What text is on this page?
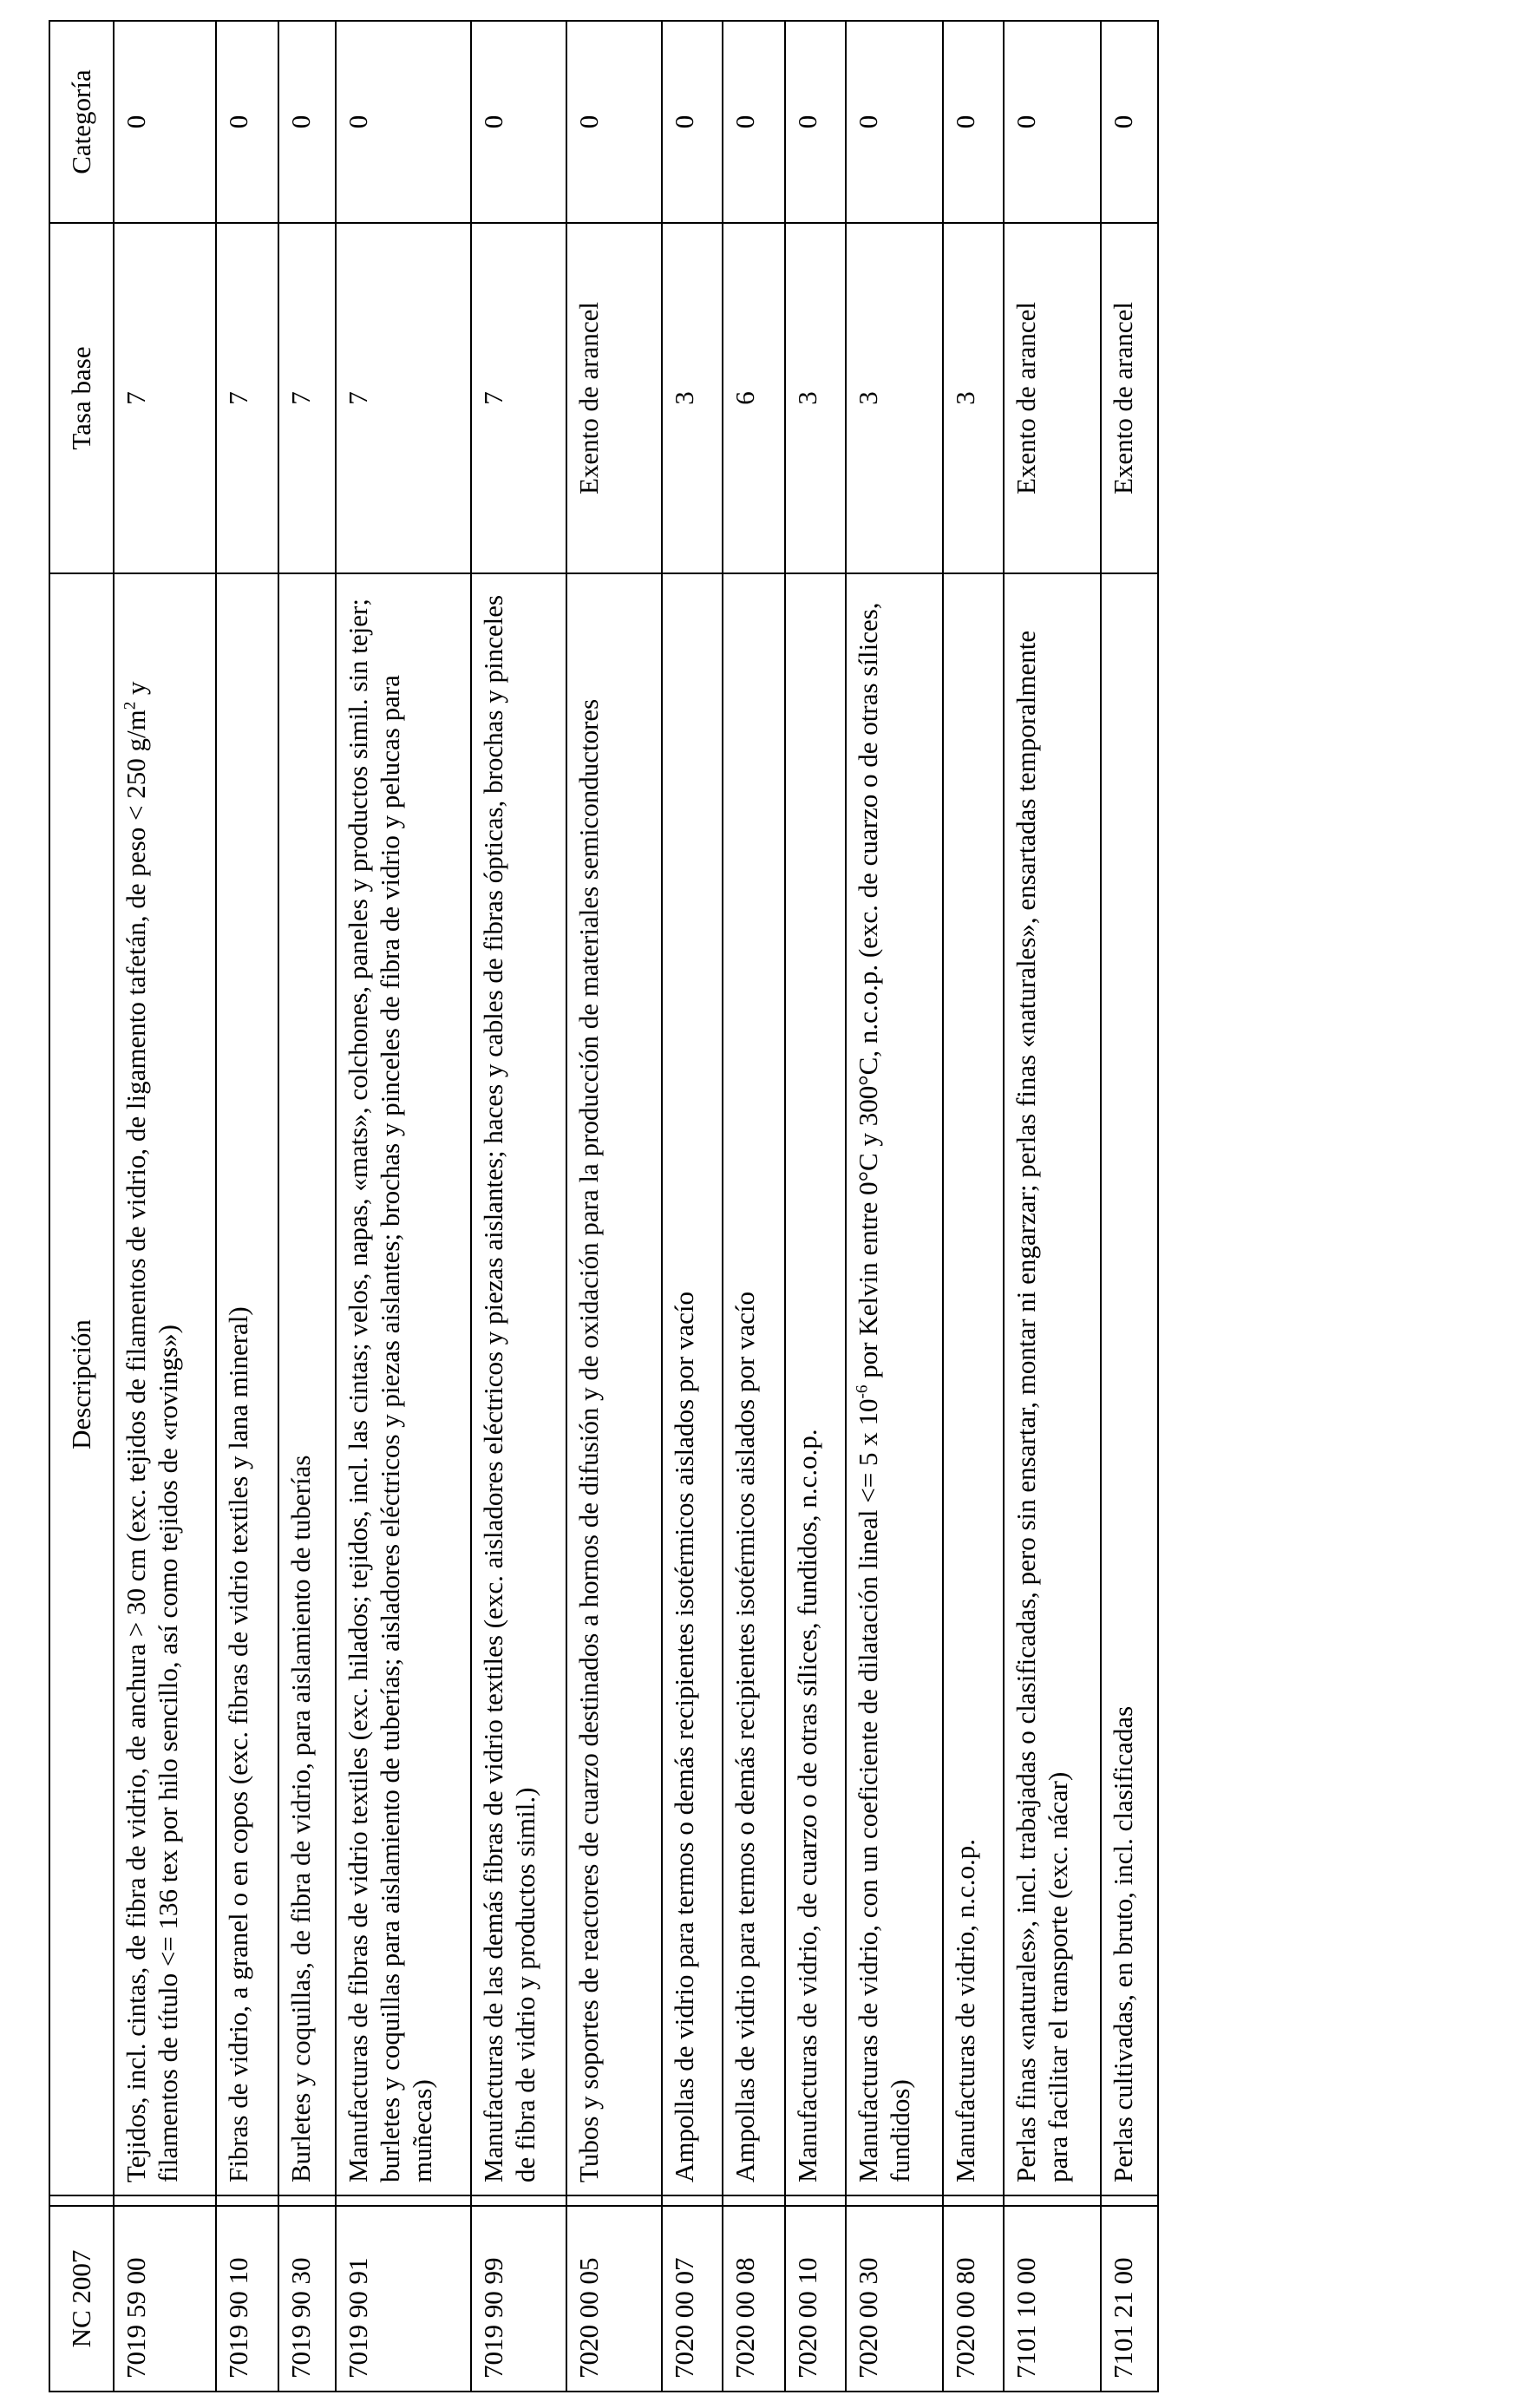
NC 2007		Descripción	Tasa base	Categoría
7019 59 00		Tejidos, incl. cintas, de fibra de vidrio, de anchura > 30 cm (exc. tejidos de filamentos de vidrio, de ligamento tafetán, de peso < 250 $g/m^2$ y filamentos de título <= 136 tex por hilo sencillo, así como tejidos de «rovings»)	7	0
7019 90 10		Fibras de vidrio, a granel o en copos (exc. fibras de vidrio textiles y lana mineral)	7	0
7019 90 30		Burletes y coquillas, de fibra de vidrio, para aislamiento de tuberías	7	0
7019 90 91		Manufacturas de fibras de vidrio textiles (exc. hilados; tejidos, incl. las cintas; velos, napas, «mats», colchones, paneles y productos simil. sin tejer; burletes y coquillas para aislamiento de tuberías; aisladores eléctricos y piezas aislantes; brochas y pinceles de fibra de vidrio y pelucas para muñecas)	7	0
7019 90 99		Manufacturas de las demás fibras de vidrio textiles (exc. aisladores eléctricos y piezas aislantes; haces y cables de fibras ópticas, brochas y pinceles de fibra de vidrio y productos simil.)	7	0
7020 00 05		Tubos y soportes de reactores de cuarzo destinados a hornos de difusión y de oxidación para la producción de materiales semiconductores	Exento de arancel	0
7020 00 07		Ampollas de vidrio para termos o demás recipientes isotérmicos aislados por vacío	3	0
7020 00 08		Ampollas de vidrio para termos o demás recipientes isotérmicos aislados por vacío	6	0
7020 00 10		Manufacturas de vidrio, de cuarzo o de otras sílices, fundidos, n.c.o.p.	3	0
7020 00 30		Manufacturas de vidrio, con un coeficiente de dilatación lineal <= 5 x $10^{-6}$ por Kelvin entre 0°C y 300°C, n.c.o.p. (exc. de cuarzo o de otras sílices, fundidos)	3	0
7020 00 80		Manufacturas de vidrio, n.c.o.p.	3	0
7101 10 00		Perlas finas «naturales», incl. trabajadas o clasificadas, pero sin ensartar, montar ni engarzar; perlas finas «naturales», ensartadas temporalmente para facilitar el transporte (exc. nácar)	Exento de arancel	0
7101 21 00		Perlas cultivadas, en bruto, incl. clasificadas	Exento de arancel	0
